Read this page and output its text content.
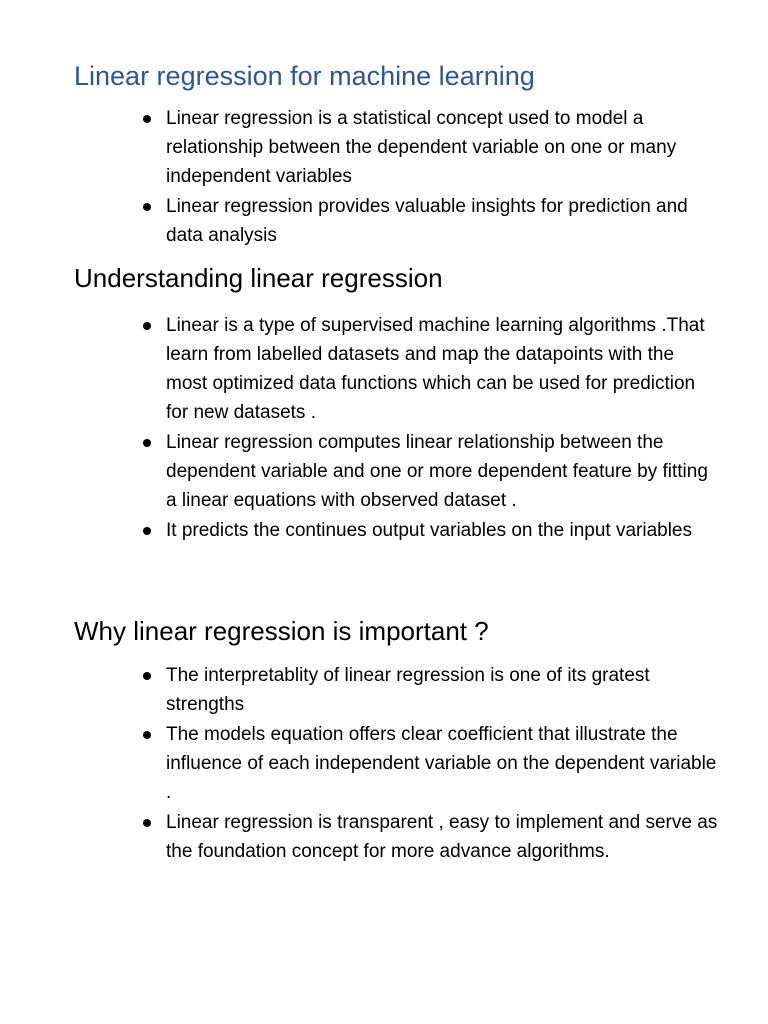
Linear regression for machine learning
Linear regression is a statistical concept used to model a relationship between the dependent variable on one or many independent variables
Linear regression provides valuable insights for prediction and data analysis
Understanding linear regression
Linear is a type of supervised machine learning algorithms .That learn from labelled datasets and map the datapoints with the most optimized data functions which can be used for prediction for new datasets .
Linear regression computes linear relationship between the dependent variable and one or more dependent feature by fitting a linear equations with observed dataset .
It predicts the continues output variables on the input variables
Why linear regression is important ?
The interpretablity of linear regression is one of its gratest strengths
The models equation offers clear coefficient that illustrate the influence of each independent variable on the dependent variable .
Linear regression is transparent , easy to implement and serve as the foundation concept for more advance algorithms.
